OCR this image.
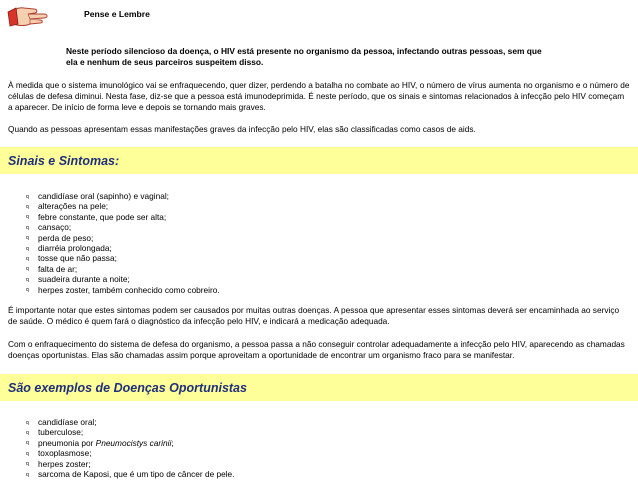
Pense e Lembre
Neste período silencioso da doença, o HIV está presente no organismo da pessoa, infectando outras pessoas, sem que
ela e nenhum de seus parceiros suspeitem disso.
À medida que o sistema imunológico vai se enfraquecendo, quer dizer, perdendo a batalha no combate ao HIV, o número de vírus aumenta no organismo e o número de células de defesa diminui. Nesta fase, diz-se que a pessoa está imunodeprimida. É neste período, que os sinais e sintomas relacionados à infecção pelo HIV começam a aparecer. De início de forma leve e depois se tornando mais graves.
Quando as pessoas apresentam essas manifestações graves da infecção pelo HIV, elas são classificadas como casos de aids.
Sinais e Sintomas:
q candidíase oral (sapinho) e vaginal;
q alterações na pele;
q febre constante, que pode ser alta;
q cansaço;
q perda de peso;
q diarréia prolongada;
q tosse que não passa;
q falta de ar;
q suadeira durante a noite;
q herpes zoster, também conhecido como cobreiro.
É importante notar que estes sintomas podem ser causados por muitas outras doenças. A pessoa que apresentar esses sintomas deverá ser encaminhada ao serviço de saúde. O médico é quem fará o diagnóstico da infecção pelo HIV, e indicará a medicação adequada.
Com o enfraquecimento do sistema de defesa do organismo, a pessoa passa a não conseguir controlar adequadamente a infecção pelo HIV, aparecendo as chamadas doenças oportunistas. Elas são chamadas assim porque aproveitam a oportunidade de encontrar um organismo fraco para se manifestar.
São exemplos de Doenças Oportunistas
q candidíase oral;
q tuberculose;
q pneumonia por Pneumocistys carinii;
q toxoplasmose;
q herpes zoster;
q sarcoma de Kaposi, que é um tipo de câncer de pele.
